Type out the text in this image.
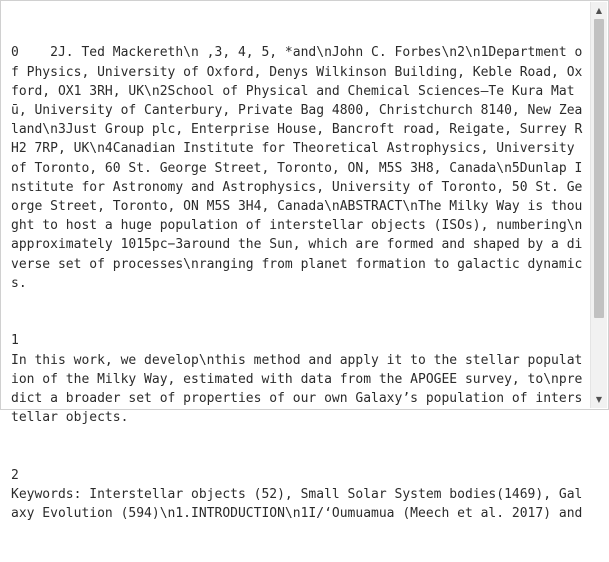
0    2J. Ted Mackereth\n ,3, 4, 5, *and\nJohn C. Forbes\n2\n1Department of Physics, University of Oxford, Denys Wilkinson Building, Keble Road, Oxford, OX1 3RH, UK\n2School of Physical and Chemical Sciences—Te Kura Matū, University of Canterbury, Private Bag 4800, Christchurch 8140, New Zealand\n3Just Group plc, Enterprise House, Bancroft road, Reigate, Surrey RH2 7RP, UK\n4Canadian Institute for Theoretical Astrophysics, University of Toronto, 60 St. George Street, Toronto, ON, M5S 3H8, Canada\n5Dunlap Institute for Astronomy and Astrophysics, University of Toronto, 50 St. George Street, Toronto, ON M5S 3H4, Canada\nABSTRACT\nThe Milky Way is thought to host a huge population of interstellar objects (ISOs), numbering\napproximately 1015pc−3around the Sun, which are formed and shaped by a diverse set of processes\nranging from planet formation to galactic dynamics.

1
In this work, we develop\nthis method and apply it to the stellar population of the Milky Way, estimated with data from the APOGEE survey, to\npredict a broader set of properties of our own Galaxy’s population of interstellar objects.

2
Keywords: Interstellar objects (52), Small Solar System bodies(1469), Galaxy Evolution (594)\n1.INTRODUCTION\n1I/‘Oumuamua (Meech et al. 2017) and

▲
▼
